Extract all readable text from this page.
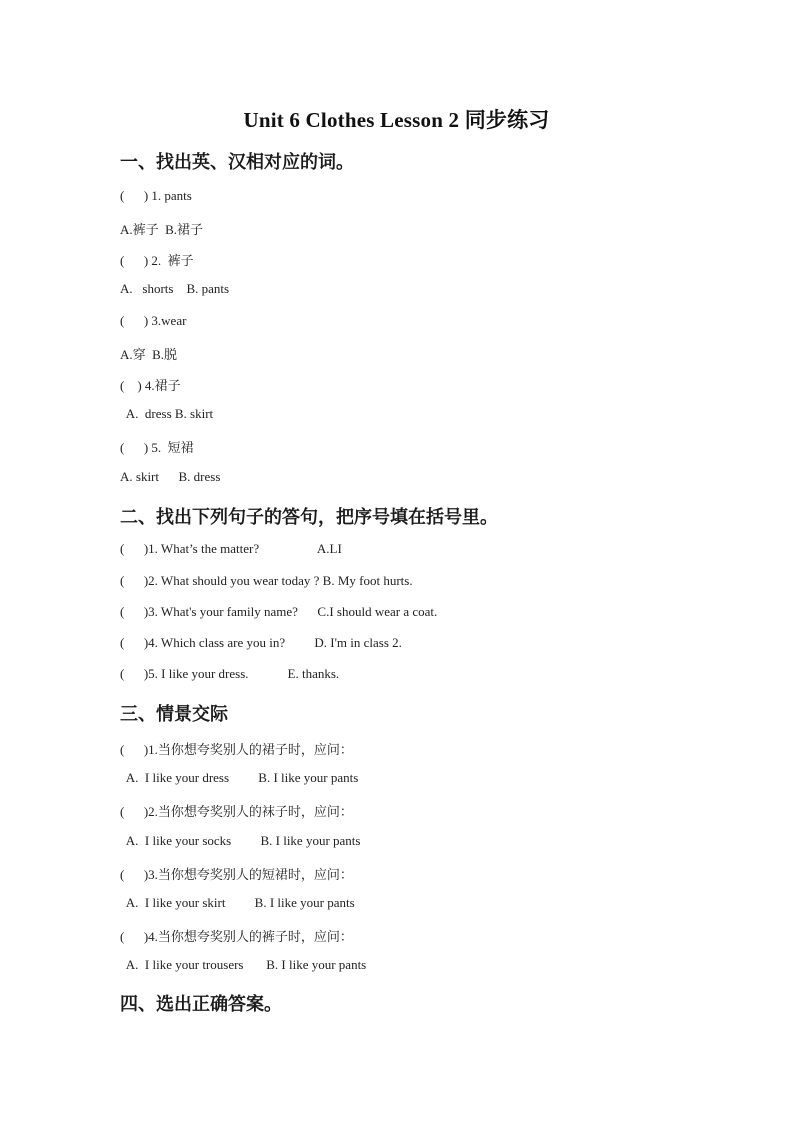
Unit 6 Clothes Lesson 2 同步练习
一、找出英、汉相对应的词。
(      ) 1. pants
A.裤子  B.裙子
(      ) 2.  裤子
A.   shorts    B. pants
(      ) 3.wear
A.穿  B.脱
(    ) 4.裙子
A.  dress B. skirt
(      ) 5.  短裙
A. skirt      B. dress
二、找出下列句子的答句，把序号填在括号里。
(      )1. What’s the matter?                  A.LI
(      )2. What should you wear today ? B. My foot hurts.
(      )3. What's your family name?      C.I should wear a coat.
(      )4. Which class are you in?         D. I'm in class 2.
(      )5. I like your dress.            E. thanks.
三、情景交际
(      )1.当你想夸奖别人的裙子时，应问：
A.  I like your dress         B. I like your pants
(      )2.当你想夸奖别人的袜子时，应问：
A.  I like your socks         B. I like your pants
(      )3.当你想夸奖别人的短裙时，应问：
A.  I like your skirt         B. I like your pants
(      )4.当你想夸奖别人的裤子时，应问：
A.  I like your trousers       B. I like your pants
四、选出正确答案。
